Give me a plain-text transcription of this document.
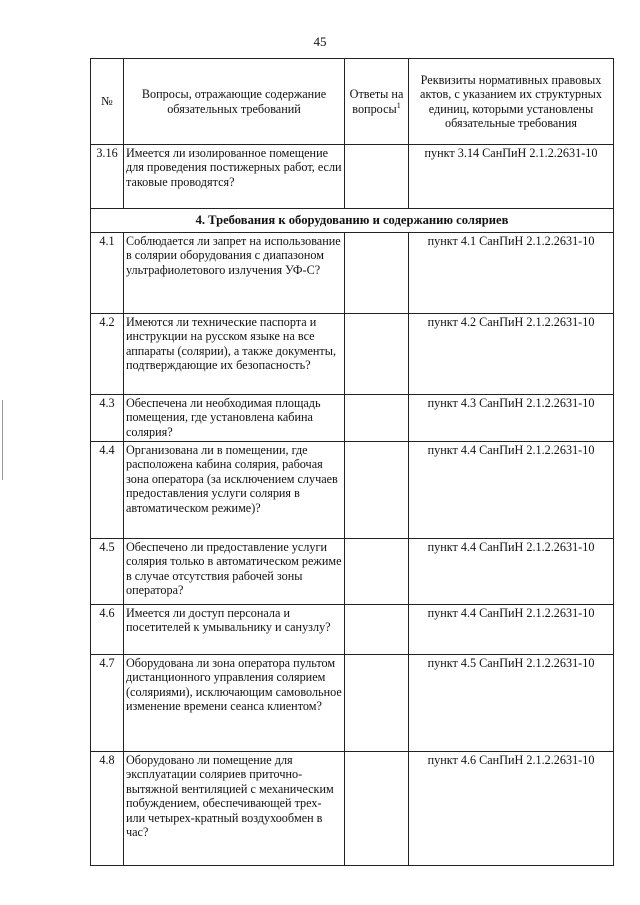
45
№	Вопросы, отражающие содержание обязательных требований	Ответы на вопросы$^1$	Реквизиты нормативных правовых актов, с указанием их структурных единиц, которыми установлены обязательные требования
3.16	Имеется ли изолированное помещение для проведения постижерных работ, если таковые проводятся?		пункт 3.14 СанПиН 2.1.2.2631-10
4. Требования к оборудованию и содержанию соляриев			
4.1	Соблюдается ли запрет на использование в солярии оборудования с диапазоном ультрафиолетового излучения УФ-С?		пункт 4.1 СанПиН 2.1.2.2631-10
4.2	Имеются ли технические паспорта и инструкции на русском языке на все аппараты (солярии), а также документы, подтверждающие их безопасность?		пункт 4.2 СанПиН 2.1.2.2631-10
4.3	Обеспечена ли необходимая площадь помещения, где установлена кабина солярия?		пункт 4.3 СанПиН 2.1.2.2631-10
4.4	Организована ли в помещении, где расположена кабина солярия, рабочая зона оператора (за исключением случаев предоставления услуги солярия в автоматическом режиме)?		пункт 4.4 СанПиН 2.1.2.2631-10
4.5	Обеспечено ли предоставление услуги солярия только в автоматическом режиме в случае отсутствия рабочей зоны оператора?		пункт 4.4 СанПиН 2.1.2.2631-10
4.6	Имеется ли доступ персонала и посетителей к умывальнику и санузлу?		пункт 4.4 СанПиН 2.1.2.2631-10
4.7	Оборудована ли зона оператора пультом дистанционного управления солярием (соляриями), исключающим самовольное изменение времени сеанса клиентом?		пункт 4.5 СанПиН 2.1.2.2631-10
4.8	Оборудовано ли помещение для эксплуатации соляриев приточно-вытяжной вентиляцией с механическим побуждением, обеспечивающей трех- или четырех-кратный воздухообмен в час?		пункт 4.6 СанПиН 2.1.2.2631-10
